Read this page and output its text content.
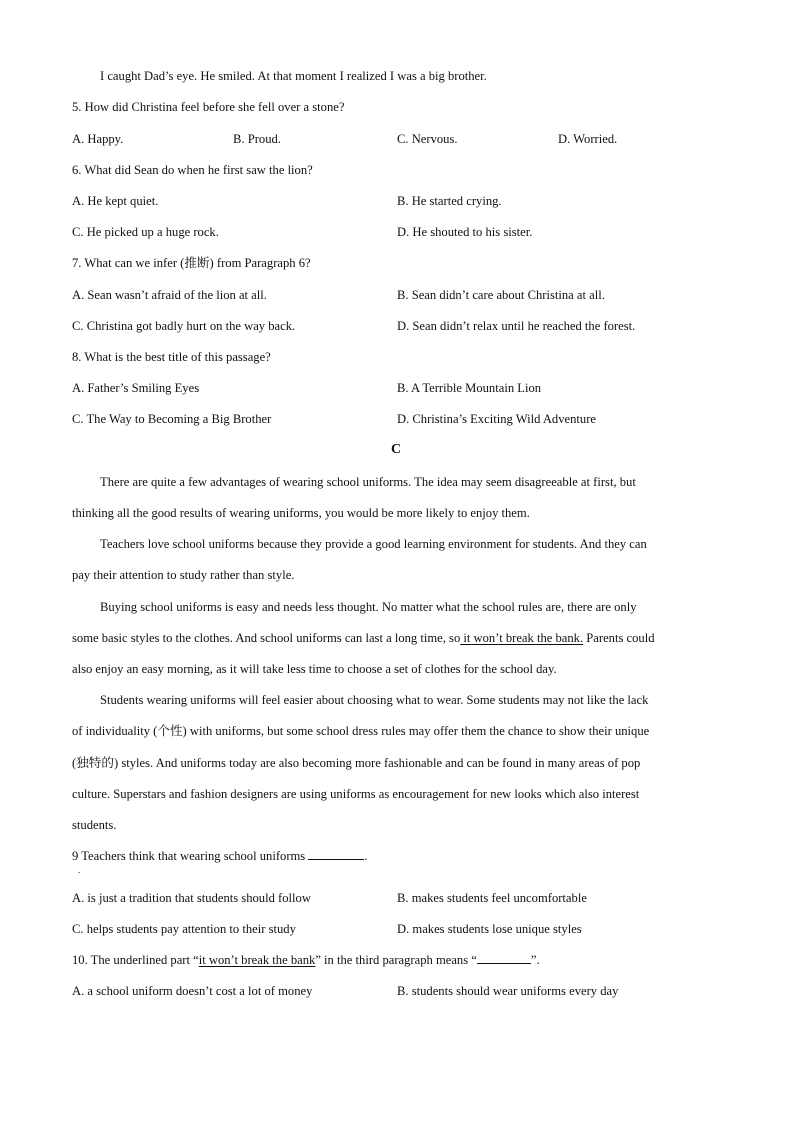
I caught Dad’s eye. He smiled. At that moment I realized I was a big brother.
5. How did Christina feel before she fell over a stone?
A. Happy.	B. Proud.	C. Nervous.	D. Worried.
6. What did Sean do when he first saw the lion?
A. He kept quiet.	B. He started crying.
C. He picked up a huge rock.	D. He shouted to his sister.
7. What can we infer (推断) from Paragraph 6?
A. Sean wasn’t afraid of the lion at all.	B. Sean didn’t care about Christina at all.
C. Christina got badly hurt on the way back.	D. Sean didn’t relax until he reached the forest.
8. What is the best title of this passage?
A. Father’s Smiling Eyes	B. A Terrible Mountain Lion
C. The Way to Becoming a Big Brother	D. Christina’s Exciting Wild Adventure
C
There are quite a few advantages of wearing school uniforms. The idea may seem disagreeable at first, but
thinking all the good results of wearing uniforms, you would be more likely to enjoy them.
Teachers love school uniforms because they provide a good learning environment for students. And they can
pay their attention to study rather than style.
Buying school uniforms is easy and needs less thought. No matter what the school rules are, there are only
some basic styles to the clothes. And school uniforms can last a long time, so it won’t break the bank. Parents could
also enjoy an easy morning, as it will take less time to choose a set of clothes for the school day.
Students wearing uniforms will feel easier about choosing what to wear. Some students may not like the lack
of individuality (个性) with uniforms, but some school dress rules may offer them the chance to show their unique
(独特的) styles. And uniforms today are also becoming more fashionable and can be found in many areas of pop
culture. Superstars and fashion designers are using uniforms as encouragement for new looks which also interest
students.
9 Teachers think that wearing school uniforms	.
.
A. is just a tradition that students should follow	B. makes students feel uncomfortable
C. helps students pay attention to their study	D. makes students lose unique styles
10. The underlined part “it won’t break the bank” in the third paragraph means “	”.
A. a school uniform doesn’t cost a lot of money	B. students should wear uniforms every day
